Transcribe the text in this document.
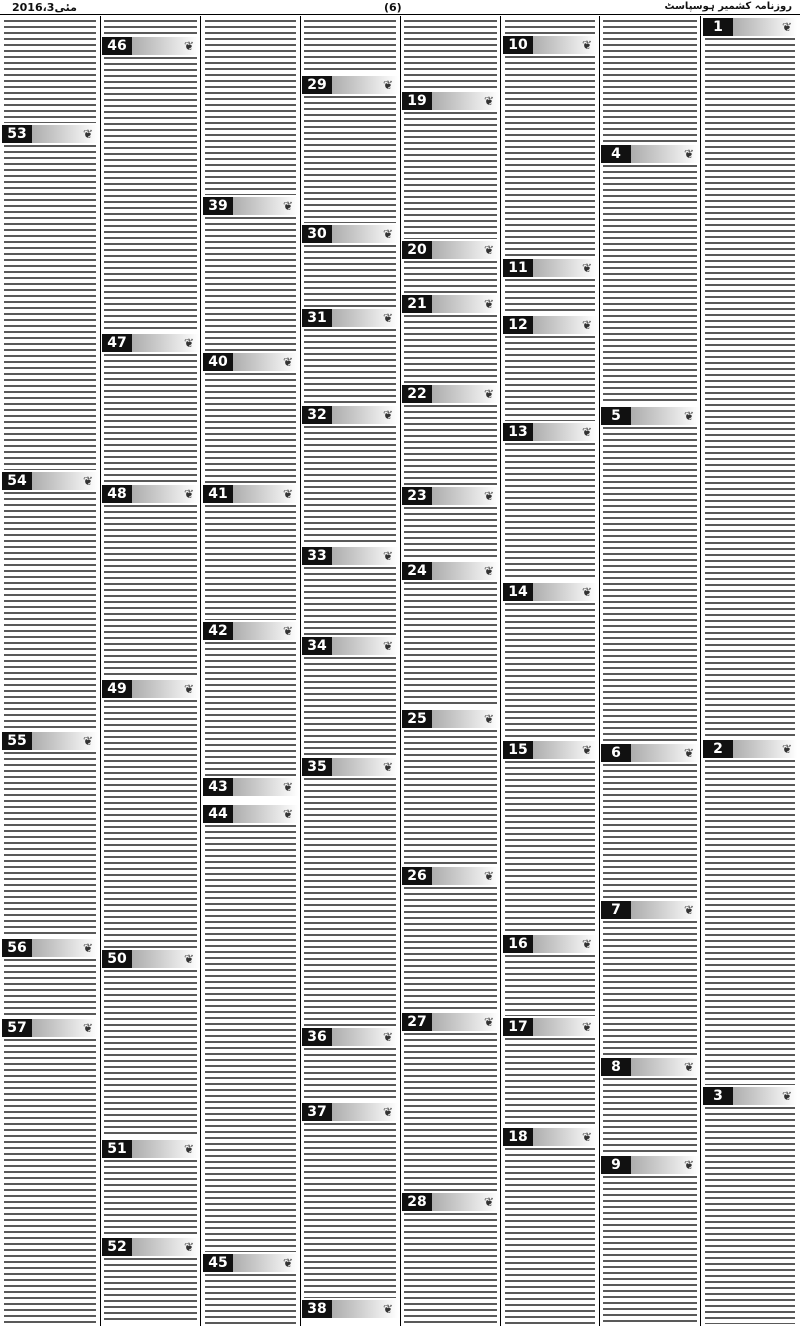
2016،3مئی	(6)	روزنامہ کشمیر ہوسپاسٹ
1	❦
2	❦
3	❦
4	❦
5	❦
6	❦
7	❦
8	❦
9	❦
10	❦
11	❦
12	❦
13	❦
14	❦
15	❦
16	❦
17	❦
18	❦
19	❦
20	❦
21	❦
22	❦
23	❦
24	❦
25	❦
26	❦
27	❦
28	❦
29	❦
30	❦
31	❦
32	❦
33	❦
34	❦
35	❦
36	❦
37	❦
38	❦
39	❦
40	❦
41	❦
42	❦
43	❦
44	❦
45	❦
46	❦
47	❦
48	❦
49	❦
50	❦
51	❦
52	❦
53	❦
54	❦
55	❦
56	❦
57	❦
